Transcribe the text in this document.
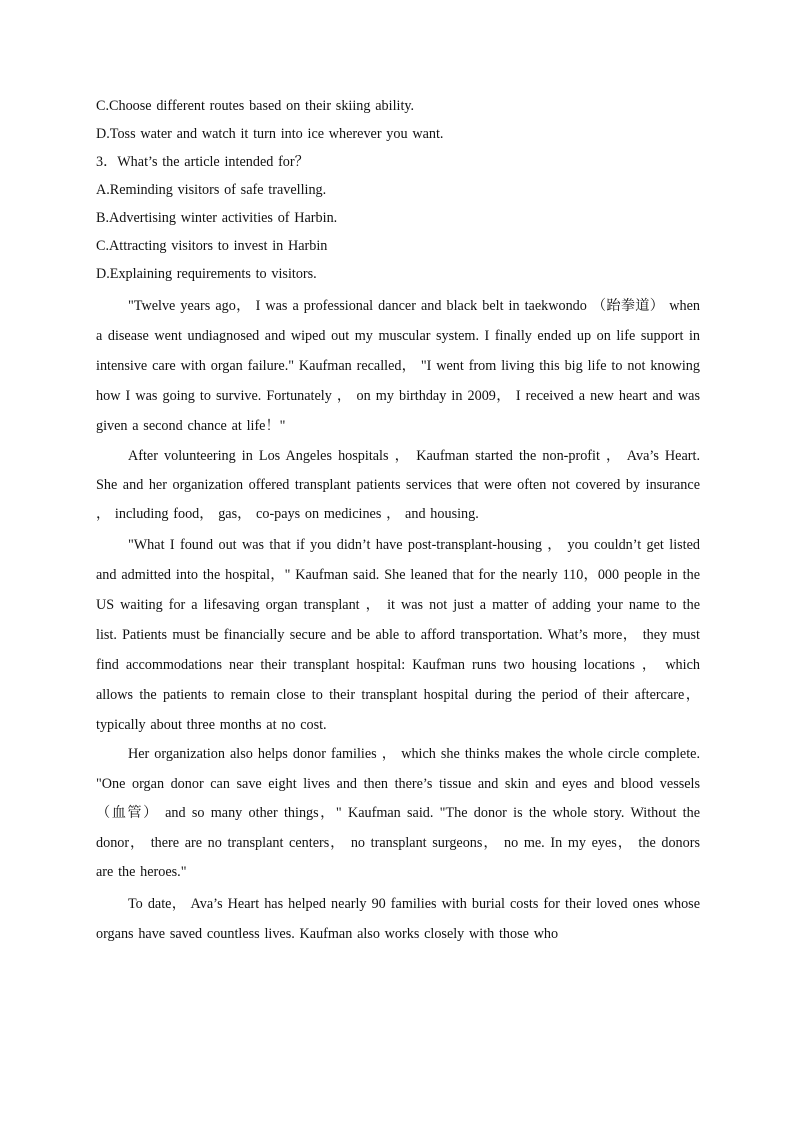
C.Choose different routes based on their skiing ability.

D.Toss water and watch it turn into ice wherever you want.

3．What’s the article intended for？

A.Reminding visitors of safe travelling.

B.Advertising winter activities of Harbin.

C.Attracting visitors to invest in Harbin

D.Explaining requirements to visitors.

"Twelve years ago， I was a professional dancer and black belt in taekwondo （跆拳道） when a disease went undiagnosed and wiped out my muscular system. I finally ended up on life support in intensive care with organ failure." Kaufman recalled， "I went from living this big life to not knowing how I was going to survive. Fortunately ， on my birthday in 2009， I received a new heart and was given a second chance at life！"

After volunteering in Los Angeles hospitals ， Kaufman started the non-profit ， Ava’s Heart. She and her organization offered transplant patients services that were often not covered by insurance ， including food， gas， co-pays on medicines ， and housing.

"What I found out was that if you didn’t have post-transplant-housing ， you couldn’t get listed and admitted into the hospital，" Kaufman said. She leaned that for the nearly 110，000 people in the US waiting for a lifesaving organ transplant ， it was not just a matter of adding your name to the list. Patients must be financially secure and be able to afford transportation. What’s more， they must find accommodations near their transplant hospital: Kaufman runs two housing locations ， which allows the patients to remain close to their transplant hospital during the period of their aftercare， typically about three months at no cost.

Her organization also helps donor families ， which she thinks makes the whole circle complete. "One organ donor can save eight lives and then there’s tissue and skin and eyes and blood vessels （血管） and so many other things，" Kaufman said. "The donor is the whole story. Without the donor， there are no transplant centers， no transplant surgeons， no me. In my eyes， the donors are the heroes."

To date， Ava’s Heart has helped nearly 90 families with burial costs for their loved ones whose organs have saved countless lives. Kaufman also works closely with those who
